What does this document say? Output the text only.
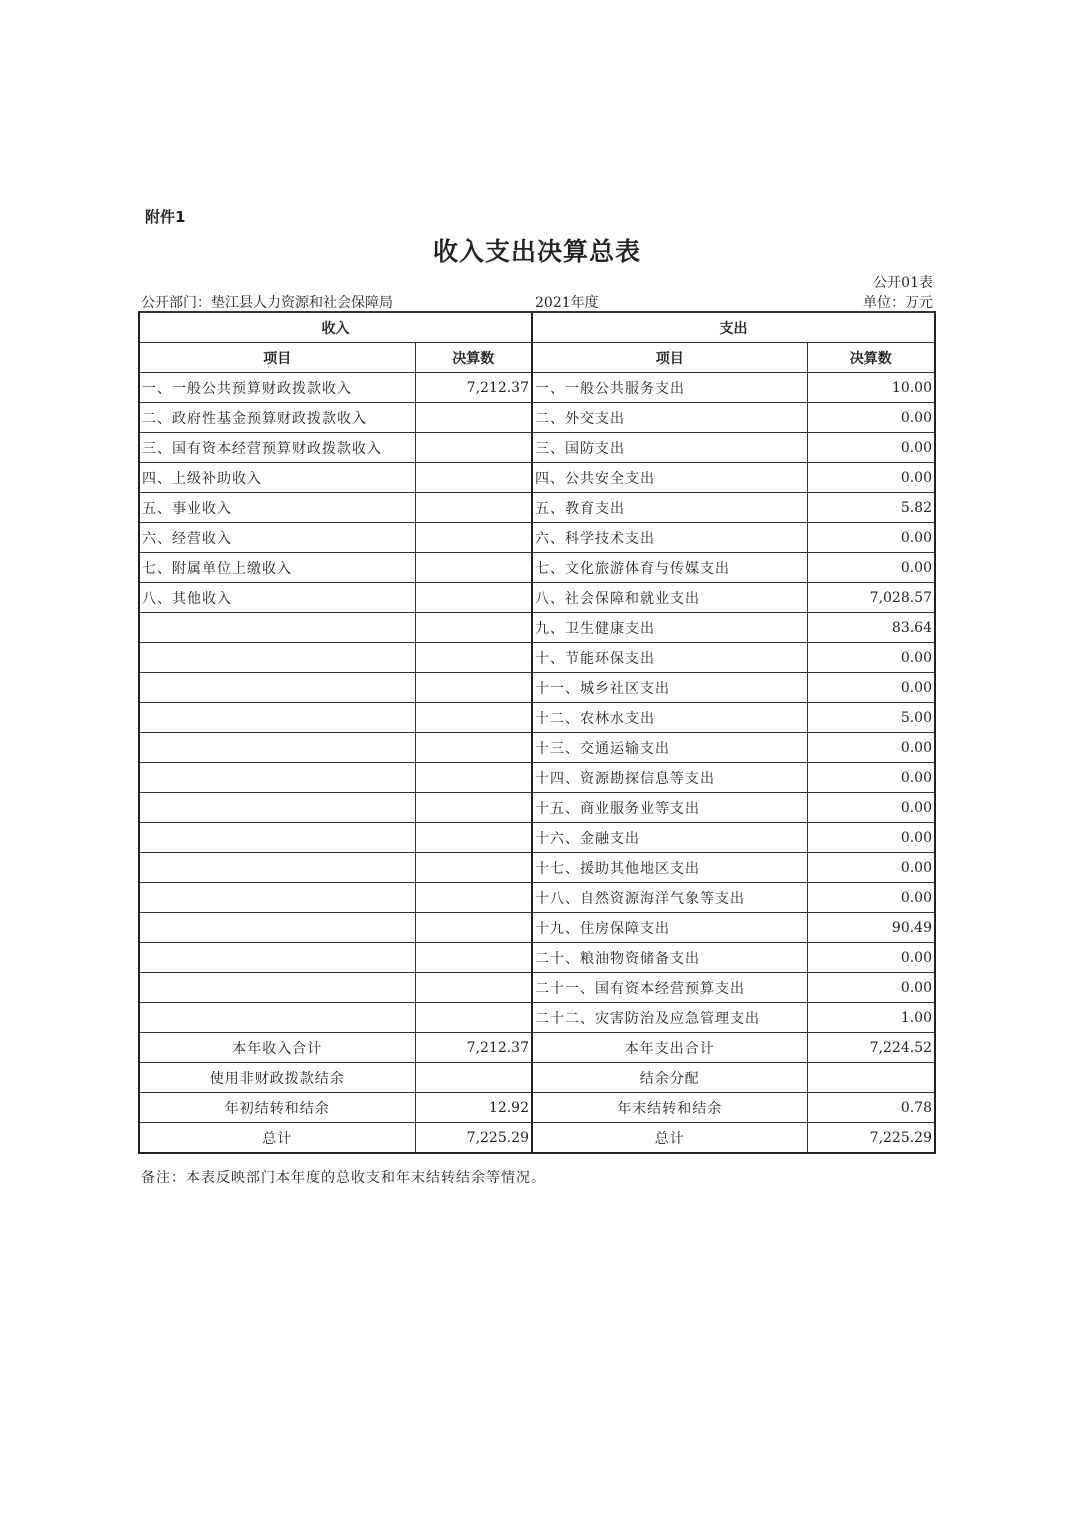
附件1
收入支出决算总表
公开01表
公开部门：垫江县人力资源和社会保障局	2021年度	单位：万元
收入		支出	
项目	决算数	项目	决算数
一、一般公共预算财政拨款收入	7,212.37	一、一般公共服务支出	10.00
二、政府性基金预算财政拨款收入		二、外交支出	0.00
三、国有资本经营预算财政拨款收入		三、国防支出	0.00
四、上级补助收入		四、公共安全支出	0.00
五、事业收入		五、教育支出	5.82
六、经营收入		六、科学技术支出	0.00
七、附属单位上缴收入		七、文化旅游体育与传媒支出	0.00
八、其他收入		八、社会保障和就业支出	7,028.57
		九、卫生健康支出	83.64
		十、节能环保支出	0.00
		十一、城乡社区支出	0.00
		十二、农林水支出	5.00
		十三、交通运输支出	0.00
		十四、资源勘探信息等支出	0.00
		十五、商业服务业等支出	0.00
		十六、金融支出	0.00
		十七、援助其他地区支出	0.00
		十八、自然资源海洋气象等支出	0.00
		十九、住房保障支出	90.49
		二十、粮油物资储备支出	0.00
		二十一、国有资本经营预算支出	0.00
		二十二、灾害防治及应急管理支出	1.00
本年收入合计	7,212.37	本年支出合计	7,224.52
使用非财政拨款结余		结余分配	
年初结转和结余	12.92	年末结转和结余	0.78
总计	7,225.29	总计	7,225.29
备注：本表反映部门本年度的总收支和年末结转结余等情况。
